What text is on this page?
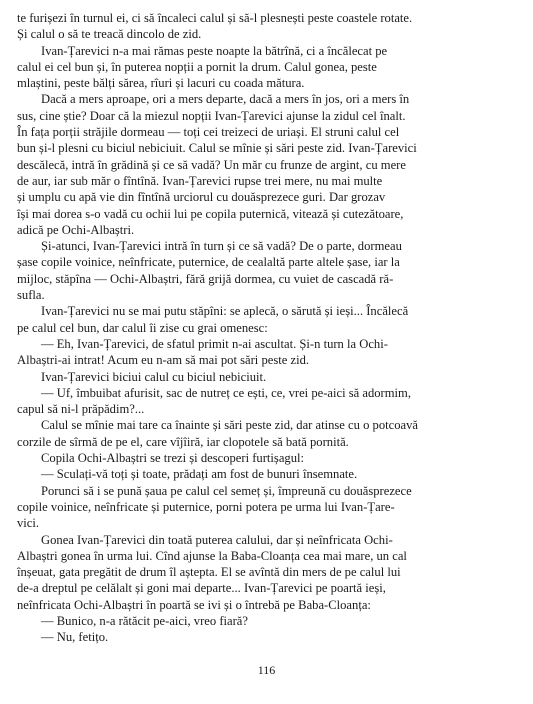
te furișezi în turnul ei, ci să încaleci calul și să-l plesnești peste coastele rotate.
Și calul o să te treacă dincolo de zid.

Ivan-Țarevici n-a mai rămas peste noapte la bătrînă, ci a încălecat pe
calul ei cel bun și, în puterea nopții a pornit la drum. Calul gonea, peste
mlaștini, peste bălți sărea, rîuri și lacuri cu coada mătura.

Dacă a mers aproape, ori a mers departe, dacă a mers în jos, ori a mers în
sus, cine știe? Doar că la miezul nopții Ivan-Țarevici ajunse la zidul cel înalt.
În fața porții străjile dormeau — toți cei treizeci de uriași. El struni calul cel
bun și-l plesni cu biciul nebiciuit. Calul se mînie și sări peste zid. Ivan-Țarevici
descălecă, intră în grădină și ce să vadă? Un măr cu frunze de argint, cu mere
de aur, iar sub măr o fîntînă. Ivan-Țarevici rupse trei mere, nu mai multe
și umplu cu apă vie din fîntînă urciorul cu douăsprezece guri. Dar grozav
își mai dorea s-o vadă cu ochii lui pe copila puternică, vitează și cutezătoare,
adică pe Ochi-Albaștri.

Și-atunci, Ivan-Țarevici intră în turn și ce să vadă? De o parte, dormeau
șase copile voinice, neînfricate, puternice, de cealaltă parte altele șase, iar la
mijloc, stăpîna — Ochi-Albaștri, fără grijă dormea, cu vuiet de cascadă ră-
sufla.

Ivan-Țarevici nu se mai putu stăpîni: se aplecă, o sărută și ieși... Încălecă
pe calul cel bun, dar calul îi zise cu grai omenesc:

— Eh, Ivan-Țarevici, de sfatul primit n-ai ascultat. Și-n turn la Ochi-
Albaștri-ai intrat! Acum eu n-am să mai pot sări peste zid.

Ivan-Țarevici biciui calul cu biciul nebiciuit.

— Uf, îmbuibat afurisit, sac de nutreț ce ești, ce, vrei pe-aici să adormim,
capul să ni-l prăpădim?...

Calul se mînie mai tare ca înainte și sări peste zid, dar atinse cu o potcoavă
corzile de sîrmă de pe el, care vîjîiră, iar clopotele să bată pornită.

Copila Ochi-Albaștri se trezi și descoperi furtișagul:

— Sculați-vă toți și toate, prădați am fost de bunuri însemnate.

Porunci să i se pună șaua pe calul cel semeț și, împreună cu douăsprezece
copile voinice, neînfricate și puternice, porni potera pe urma lui Ivan-Țare-
vici.

Gonea Ivan-Țarevici din toată puterea calului, dar și neînfricata Ochi-
Albaștri gonea în urma lui. Cînd ajunse la Baba-Cloanța cea mai mare, un cal
înșeuat, gata pregătit de drum îl aștepta. El se avîntă din mers de pe calul lui
de-a dreptul pe celălalt și goni mai departe... Ivan-Țarevici pe poartă ieși,
neînfricata Ochi-Albaștri în poartă se ivi și o întrebă pe Baba-Cloanța:

— Bunico, n-a rătăcit pe-aici, vreo fiară?

— Nu, fetițo.

116
